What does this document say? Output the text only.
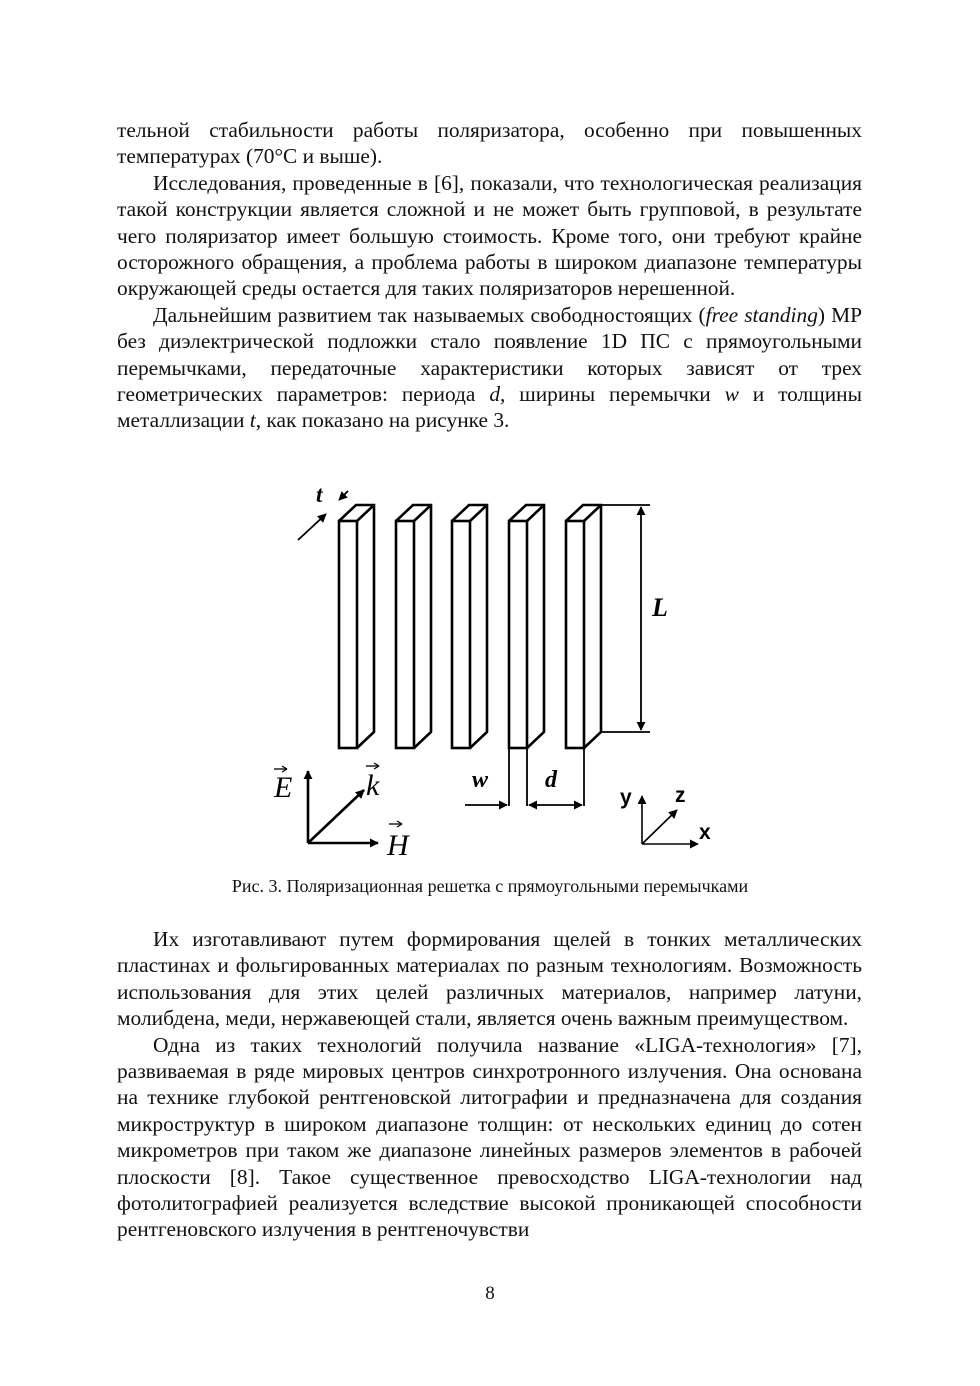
тельной стабильности работы поляризатора, особенно при повышенных температурах (70°С и выше).

Исследования, проведенные в [6], показали, что технологическая реализация такой конструкции является сложной и не может быть групповой, в результате чего поляризатор имеет большую стоимость. Кроме того, они требуют крайне осторожного обращения, а проблема работы в широком диапазоне температуры окружающей среды остается для таких поляризаторов нерешенной.

Дальнейшим развитием так называемых свободностоящих (free standing) МР без диэлектрической подложки стало появление 1D ПС с прямоугольными перемычками, передаточные характеристики которых зависят от трех геометрических параметров: периода d, ширины перемычки w и толщины металлизации t, как показано на рисунке 3.

t
L
w d
E k
H
y z
x
Рис. 3. Поляризационная решетка с прямоугольными перемычками

Их изготавливают путем формирования щелей в тонких металлических пластинах и фольгированных материалах по разным технологиям. Возможность использования для этих целей различных материалов, например латуни, молибдена, меди, нержавеющей стали, является очень важным преимуществом.

Одна из таких технологий получила название «LIGA-технология» [7], развиваемая в ряде мировых центров синхротронного излучения. Она основана на технике глубокой рентгеновской литографии и предназначена для создания микроструктур в широком диапазоне толщин: от нескольких единиц до сотен микрометров при таком же диапазоне линейных размеров элементов в рабочей плоскости [8]. Такое существенное превосходство LIGA-технологии над фотолитографией реализуется вследствие высокой проникающей способности рентгеновского излучения в рентгеночувстви

8
